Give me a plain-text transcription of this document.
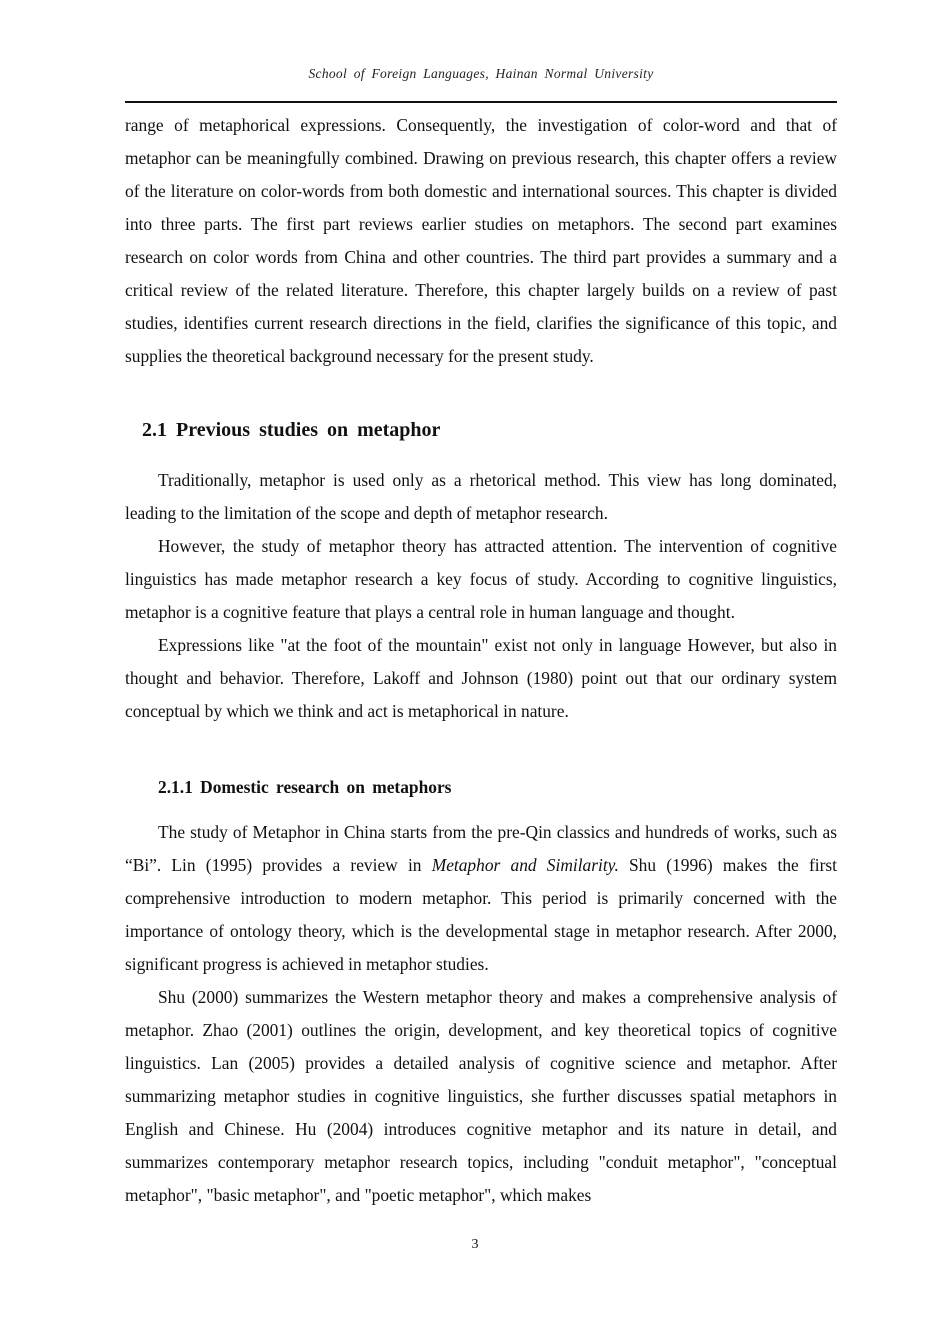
School of Foreign Languages, Hainan Normal University

range of metaphorical expressions. Consequently, the investigation of color-word and that of metaphor can be meaningfully combined. Drawing on previous research, this chapter offers a review of the literature on color-words from both domestic and international sources. This chapter is divided into three parts. The first part reviews earlier studies on metaphors. The second part examines research on color words from China and other countries. The third part provides a summary and a critical review of the related literature. Therefore, this chapter largely builds on a review of past studies, identifies current research directions in the field, clarifies the significance of this topic, and supplies the theoretical background necessary for the present study.

2.1 Previous studies on metaphor

Traditionally, metaphor is used only as a rhetorical method. This view has long dominated, leading to the limitation of the scope and depth of metaphor research.

However, the study of metaphor theory has attracted attention. The intervention of cognitive linguistics has made metaphor research a key focus of study. According to cognitive linguistics, metaphor is a cognitive feature that plays a central role in human language and thought.

Expressions like "at the foot of the mountain" exist not only in language However, but also in thought and behavior. Therefore, Lakoff and Johnson (1980) point out that our ordinary system conceptual by which we think and act is metaphorical in nature.

2.1.1 Domestic research on metaphors

The study of Metaphor in China starts from the pre-Qin classics and hundreds of works, such as “Bi”. Lin (1995) provides a review in Metaphor and Similarity. Shu (1996) makes the first comprehensive introduction to modern metaphor. This period is primarily concerned with the importance of ontology theory, which is the developmental stage in metaphor research. After 2000, significant progress is achieved in metaphor studies.

Shu (2000) summarizes the Western metaphor theory and makes a comprehensive analysis of metaphor. Zhao (2001) outlines the origin, development, and key theoretical topics of cognitive linguistics. Lan (2005) provides a detailed analysis of cognitive science and metaphor. After summarizing metaphor studies in cognitive linguistics, she further discusses spatial metaphors in English and Chinese. Hu (2004) introduces cognitive metaphor and its nature in detail, and summarizes contemporary metaphor research topics, including "conduit metaphor", "conceptual metaphor", "basic metaphor", and "poetic metaphor", which makes

3
